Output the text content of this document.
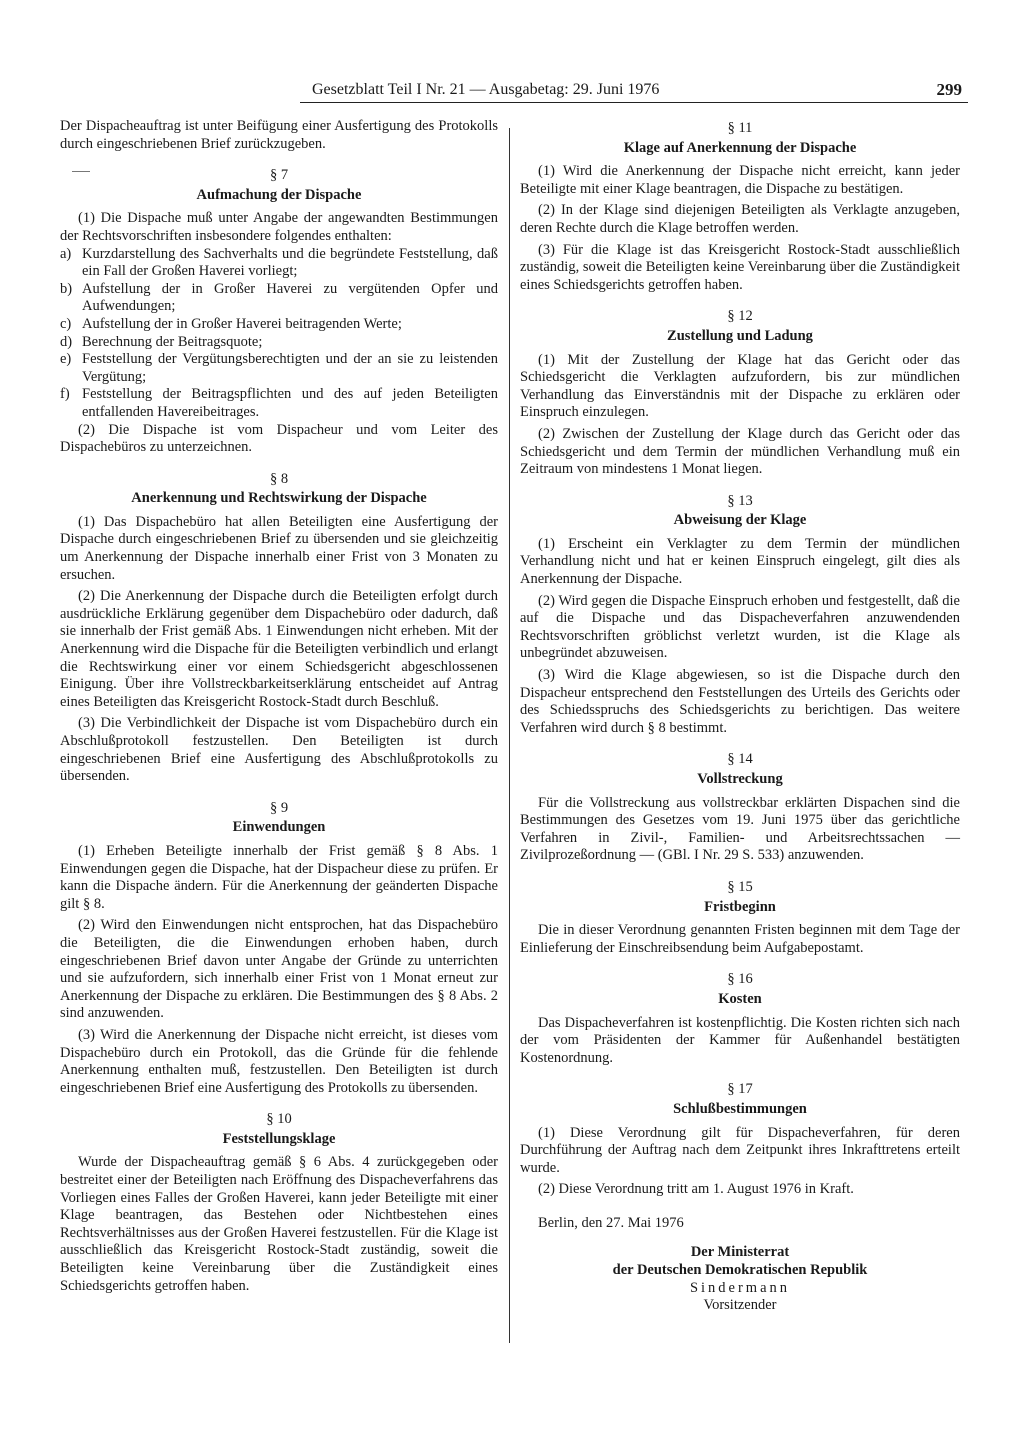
Gesetzblatt Teil I Nr. 21 — Ausgabetag: 29. Juni 1976	299

Der Dispacheauftrag ist unter Beifügung einer Ausfertigung des Protokolls durch eingeschriebenen Brief zurückzugeben.

§ 7
Aufmachung der Dispache

(1) Die Dispache muß unter Angabe der angewandten Bestimmungen der Rechtsvorschriften insbesondere folgendes enthalten:

a) Kurzdarstellung des Sachverhalts und die begründete Feststellung, daß ein Fall der Großen Haverei vorliegt;
b) Aufstellung der in Großer Haverei zu vergütenden Opfer und Aufwendungen;
c) Aufstellung der in Großer Haverei beitragenden Werte;
d) Berechnung der Beitragsquote;
e) Feststellung der Vergütungsberechtigten und der an sie zu leistenden Vergütung;
f) Feststellung der Beitragspflichten und des auf jeden Beteiligten entfallenden Havereibeitrages.

(2) Die Dispache ist vom Dispacheur und vom Leiter des Dispachebüros zu unterzeichnen.

§ 8
Anerkennung und Rechtswirkung der Dispache

(1) Das Dispachebüro hat allen Beteiligten eine Ausfertigung der Dispache durch eingeschriebenen Brief zu übersenden und sie gleichzeitig um Anerkennung der Dispache innerhalb einer Frist von 3 Monaten zu ersuchen.

(2) Die Anerkennung der Dispache durch die Beteiligten erfolgt durch ausdrückliche Erklärung gegenüber dem Dispachebüro oder dadurch, daß sie innerhalb der Frist gemäß Abs. 1 Einwendungen nicht erheben. Mit der Anerkennung wird die Dispache für die Beteiligten verbindlich und erlangt die Rechtswirkung einer vor einem Schiedsgericht abgeschlossenen Einigung. Über ihre Vollstreckbarkeitserklärung entscheidet auf Antrag eines Beteiligten das Kreisgericht Rostock-Stadt durch Beschluß.

(3) Die Verbindlichkeit der Dispache ist vom Dispachebüro durch ein Abschlußprotokoll festzustellen. Den Beteiligten ist durch eingeschriebenen Brief eine Ausfertigung des Abschlußprotokolls zu übersenden.

§ 9
Einwendungen

(1) Erheben Beteiligte innerhalb der Frist gemäß § 8 Abs. 1 Einwendungen gegen die Dispache, hat der Dispacheur diese zu prüfen. Er kann die Dispache ändern. Für die Anerkennung der geänderten Dispache gilt § 8.

(2) Wird den Einwendungen nicht entsprochen, hat das Dispachebüro die Beteiligten, die die Einwendungen erhoben haben, durch eingeschriebenen Brief davon unter Angabe der Gründe zu unterrichten und sie aufzufordern, sich innerhalb einer Frist von 1 Monat erneut zur Anerkennung der Dispache zu erklären. Die Bestimmungen des § 8 Abs. 2 sind anzuwenden.

(3) Wird die Anerkennung der Dispache nicht erreicht, ist dieses vom Dispachebüro durch ein Protokoll, das die Gründe für die fehlende Anerkennung enthalten muß, festzustellen. Den Beteiligten ist durch eingeschriebenen Brief eine Ausfertigung des Protokolls zu übersenden.

§ 10
Feststellungsklage

Wurde der Dispacheauftrag gemäß § 6 Abs. 4 zurückgegeben oder bestreitet einer der Beteiligten nach Eröffnung des Dispacheverfahrens das Vorliegen eines Falles der Großen Haverei, kann jeder Beteiligte mit einer Klage beantragen, das Bestehen oder Nichtbestehen eines Rechtsverhältnisses aus der Großen Haverei festzustellen. Für die Klage ist ausschließlich das Kreisgericht Rostock-Stadt zuständig, soweit die Beteiligten keine Vereinbarung über die Zuständigkeit eines Schiedsgerichts getroffen haben.

§ 11
Klage auf Anerkennung der Dispache

(1) Wird die Anerkennung der Dispache nicht erreicht, kann jeder Beteiligte mit einer Klage beantragen, die Dispache zu bestätigen.

(2) In der Klage sind diejenigen Beteiligten als Verklagte anzugeben, deren Rechte durch die Klage betroffen werden.

(3) Für die Klage ist das Kreisgericht Rostock-Stadt ausschließlich zuständig, soweit die Beteiligten keine Vereinbarung über die Zuständigkeit eines Schiedsgerichts getroffen haben.

§ 12
Zustellung und Ladung

(1) Mit der Zustellung der Klage hat das Gericht oder das Schiedsgericht die Verklagten aufzufordern, bis zur mündlichen Verhandlung das Einverständnis mit der Dispache zu erklären oder Einspruch einzulegen.

(2) Zwischen der Zustellung der Klage durch das Gericht oder das Schiedsgericht und dem Termin der mündlichen Verhandlung muß ein Zeitraum von mindestens 1 Monat liegen.

§ 13
Abweisung der Klage

(1) Erscheint ein Verklagter zu dem Termin der mündlichen Verhandlung nicht und hat er keinen Einspruch eingelegt, gilt dies als Anerkennung der Dispache.

(2) Wird gegen die Dispache Einspruch erhoben und festgestellt, daß die auf die Dispache und das Dispacheverfahren anzuwendenden Rechtsvorschriften gröblichst verletzt wurden, ist die Klage als unbegründet abzuweisen.

(3) Wird die Klage abgewiesen, so ist die Dispache durch den Dispacheur entsprechend den Feststellungen des Urteils des Gerichts oder des Schiedsspruchs des Schiedsgerichts zu berichtigen. Das weitere Verfahren wird durch § 8 bestimmt.

§ 14
Vollstreckung

Für die Vollstreckung aus vollstreckbar erklärten Dispachen sind die Bestimmungen des Gesetzes vom 19. Juni 1975 über das gerichtliche Verfahren in Zivil-, Familien- und Arbeitsrechtssachen — Zivilprozeßordnung — (GBl. I Nr. 29 S. 533) anzuwenden.

§ 15
Fristbeginn

Die in dieser Verordnung genannten Fristen beginnen mit dem Tage der Einlieferung der Einschreibsendung beim Aufgabepostamt.

§ 16
Kosten

Das Dispacheverfahren ist kostenpflichtig. Die Kosten richten sich nach der vom Präsidenten der Kammer für Außenhandel bestätigten Kostenordnung.

§ 17
Schlußbestimmungen

(1) Diese Verordnung gilt für Dispacheverfahren, für deren Durchführung der Auftrag nach dem Zeitpunkt ihres Inkrafttretens erteilt wurde.

(2) Diese Verordnung tritt am 1. August 1976 in Kraft.

Berlin, den 27. Mai 1976

Der Ministerrat
der Deutschen Demokratischen Republik
Sindermann
Vorsitzender
